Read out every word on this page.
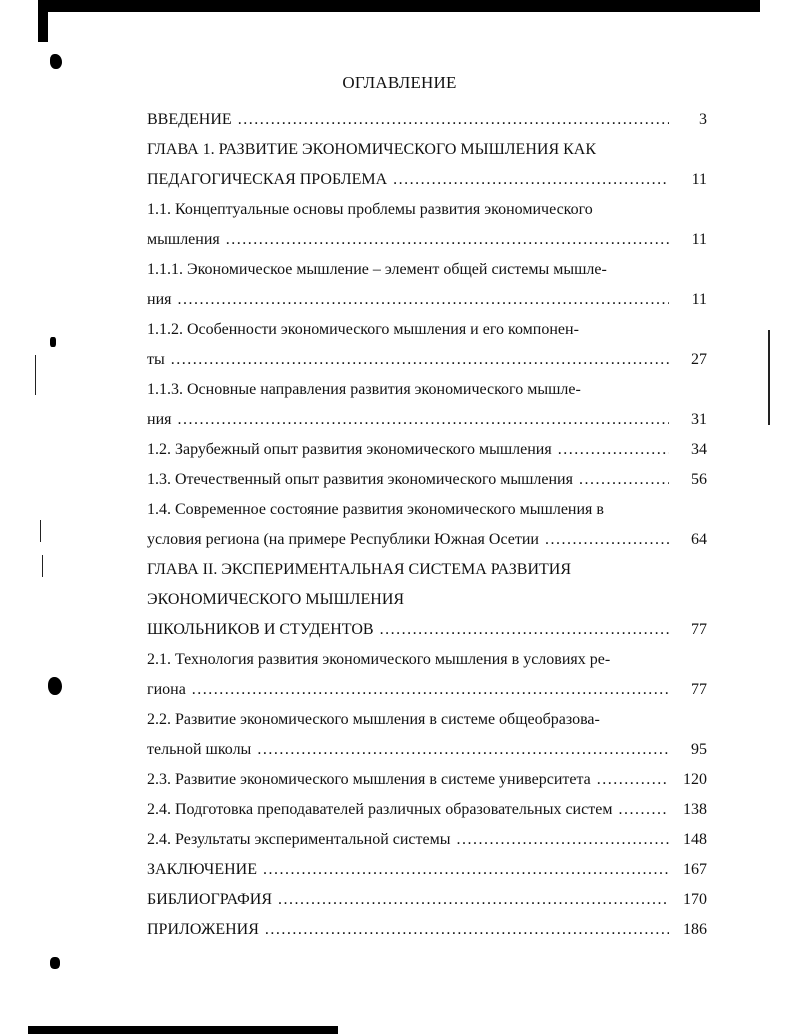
ОГЛАВЛЕНИЕ
ВВЕДЕНИЕ .....	3
ГЛАВА 1. РАЗВИТИЕ ЭКОНОМИЧЕСКОГО МЫШЛЕНИЯ КАК
ПЕДАГОГИЧЕСКАЯ ПРОБЛЕМА .....	11
1.1. Концептуальные основы проблемы развития экономического
мышления .....	11
1.1.1. Экономическое мышление – элемент общей системы мышле-
ния .....	11
1.1.2. Особенности экономического мышления и его компонен-
ты .....	27
1.1.3. Основные направления развития экономического мышле-
ния .....	31
1.2. Зарубежный опыт развития экономического мышления .....	34
1.3. Отечественный опыт развития экономического мышления .....	56
1.4. Современное состояние развития экономического мышления в
условия региона (на примере Республики Южная Осетии .....	64
ГЛАВА II. ЭКСПЕРИМЕНТАЛЬНАЯ СИСТЕМА РАЗВИТИЯ
ЭКОНОМИЧЕСКОГО МЫШЛЕНИЯ
ШКОЛЬНИКОВ И СТУДЕНТОВ .....	77
2.1. Технология развития экономического мышления в условиях ре-
гиона .....	77
2.2. Развитие экономического мышления в системе общеобразова-
тельной школы .....	95
2.3. Развитие экономического мышления в системе университета .....	120
2.4. Подготовка преподавателей различных образовательных систем .....	138
2.4. Результаты экспериментальной системы .....	148
ЗАКЛЮЧЕНИЕ .....	167
БИБЛИОГРАФИЯ .....	170
ПРИЛОЖЕНИЯ .....	186
